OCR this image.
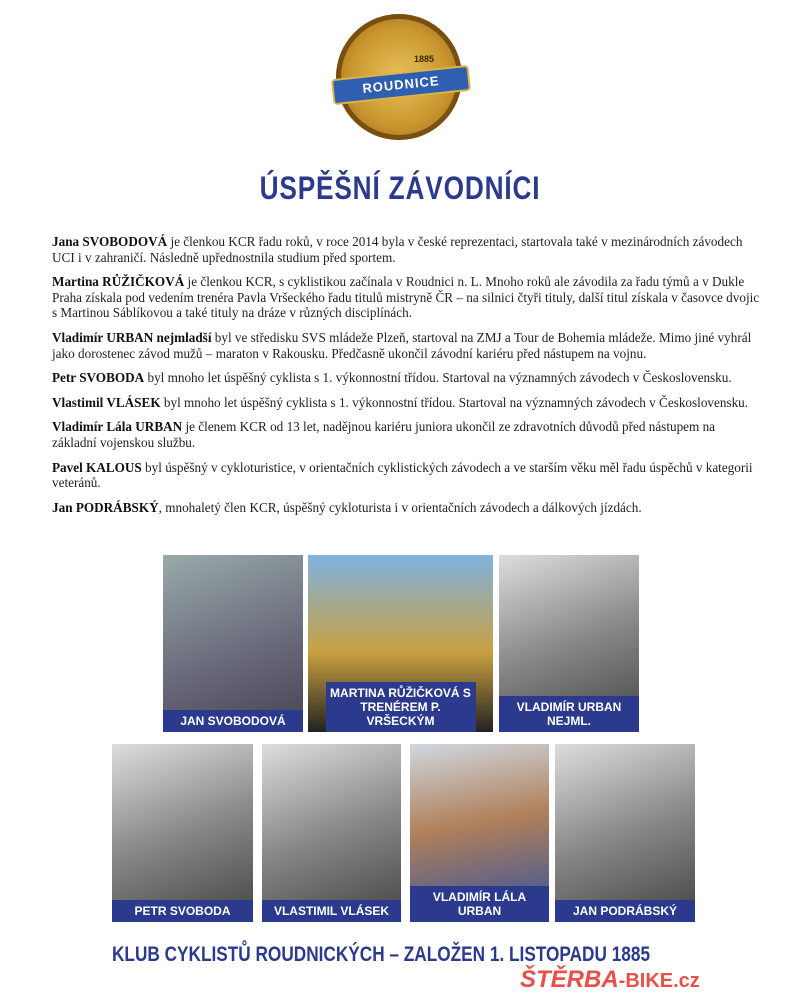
ROUDNICE
1885
ÚSPĚŠNÍ ZÁVODNÍCI

Jana SVOBODOVÁ je členkou KCR řadu roků, v roce 2014 byla v české reprezentaci, startovala také v mezinárodních závodech UCI i v zahraničí. Následně upřednostnila studium před sportem.

Martina RŮŽIČKOVÁ je členkou KCR, s cyklistikou začínala v Roudnici n. L. Mnoho roků ale závodila za řadu týmů a v Dukle Praha získala pod vedením trenéra Pavla Vršeckého řadu titulů mistryně ČR – na silnici čtyři tituly, další titul získala v časovce dvojic s Martinou Sáblíkovou a také tituly na dráze v různých disciplínách.

Vladimír URBAN nejmladší byl ve středisku SVS mládeže Plzeň, startoval na ZMJ a Tour de Bohemia mládeže. Mimo jiné vyhrál jako dorostenec závod mužů – maraton v Rakousku. Předčasně ukončil závodní kariéru před nástupem na vojnu.

Petr SVOBODA byl mnoho let úspěšný cyklista s 1. výkonnostní třídou. Startoval na významných závodech v Československu.

Vlastimil VLÁSEK byl mnoho let úspěšný cyklista s 1. výkonnostní třídou. Startoval na významných závodech v Československu.

Vladimír Lála URBAN je členem KCR od 13 let, nadějnou kariéru juniora ukončil ze zdravotních důvodů před nástupem na základní vojenskou službu.

Pavel KALOUS byl úspěšný v cykloturistice, v orientačních cyklistických závodech a ve starším věku měl řadu úspěchů v kategorii veteránů.

Jan PODRÁBSKÝ, mnohaletý člen KCR, úspěšný cykloturista i v orientačních závodech a dálkových jízdách.

JAN SVOBODOVÁ
MARTINA RŮŽIČKOVÁ S TRENÉREM P. VRŠECKÝM
VLADIMÍR URBAN NEJML.
PETR SVOBODA	VLASTIMIL VLÁSEK
VLADIMÍR LÁLA URBAN	JAN PODRÁBSKÝ
KLUB CYKLISTŮ ROUDNICKÝCH – ZALOŽEN 1. LISTOPADU 1885
ŠTĚRBA-BIKE.cz
